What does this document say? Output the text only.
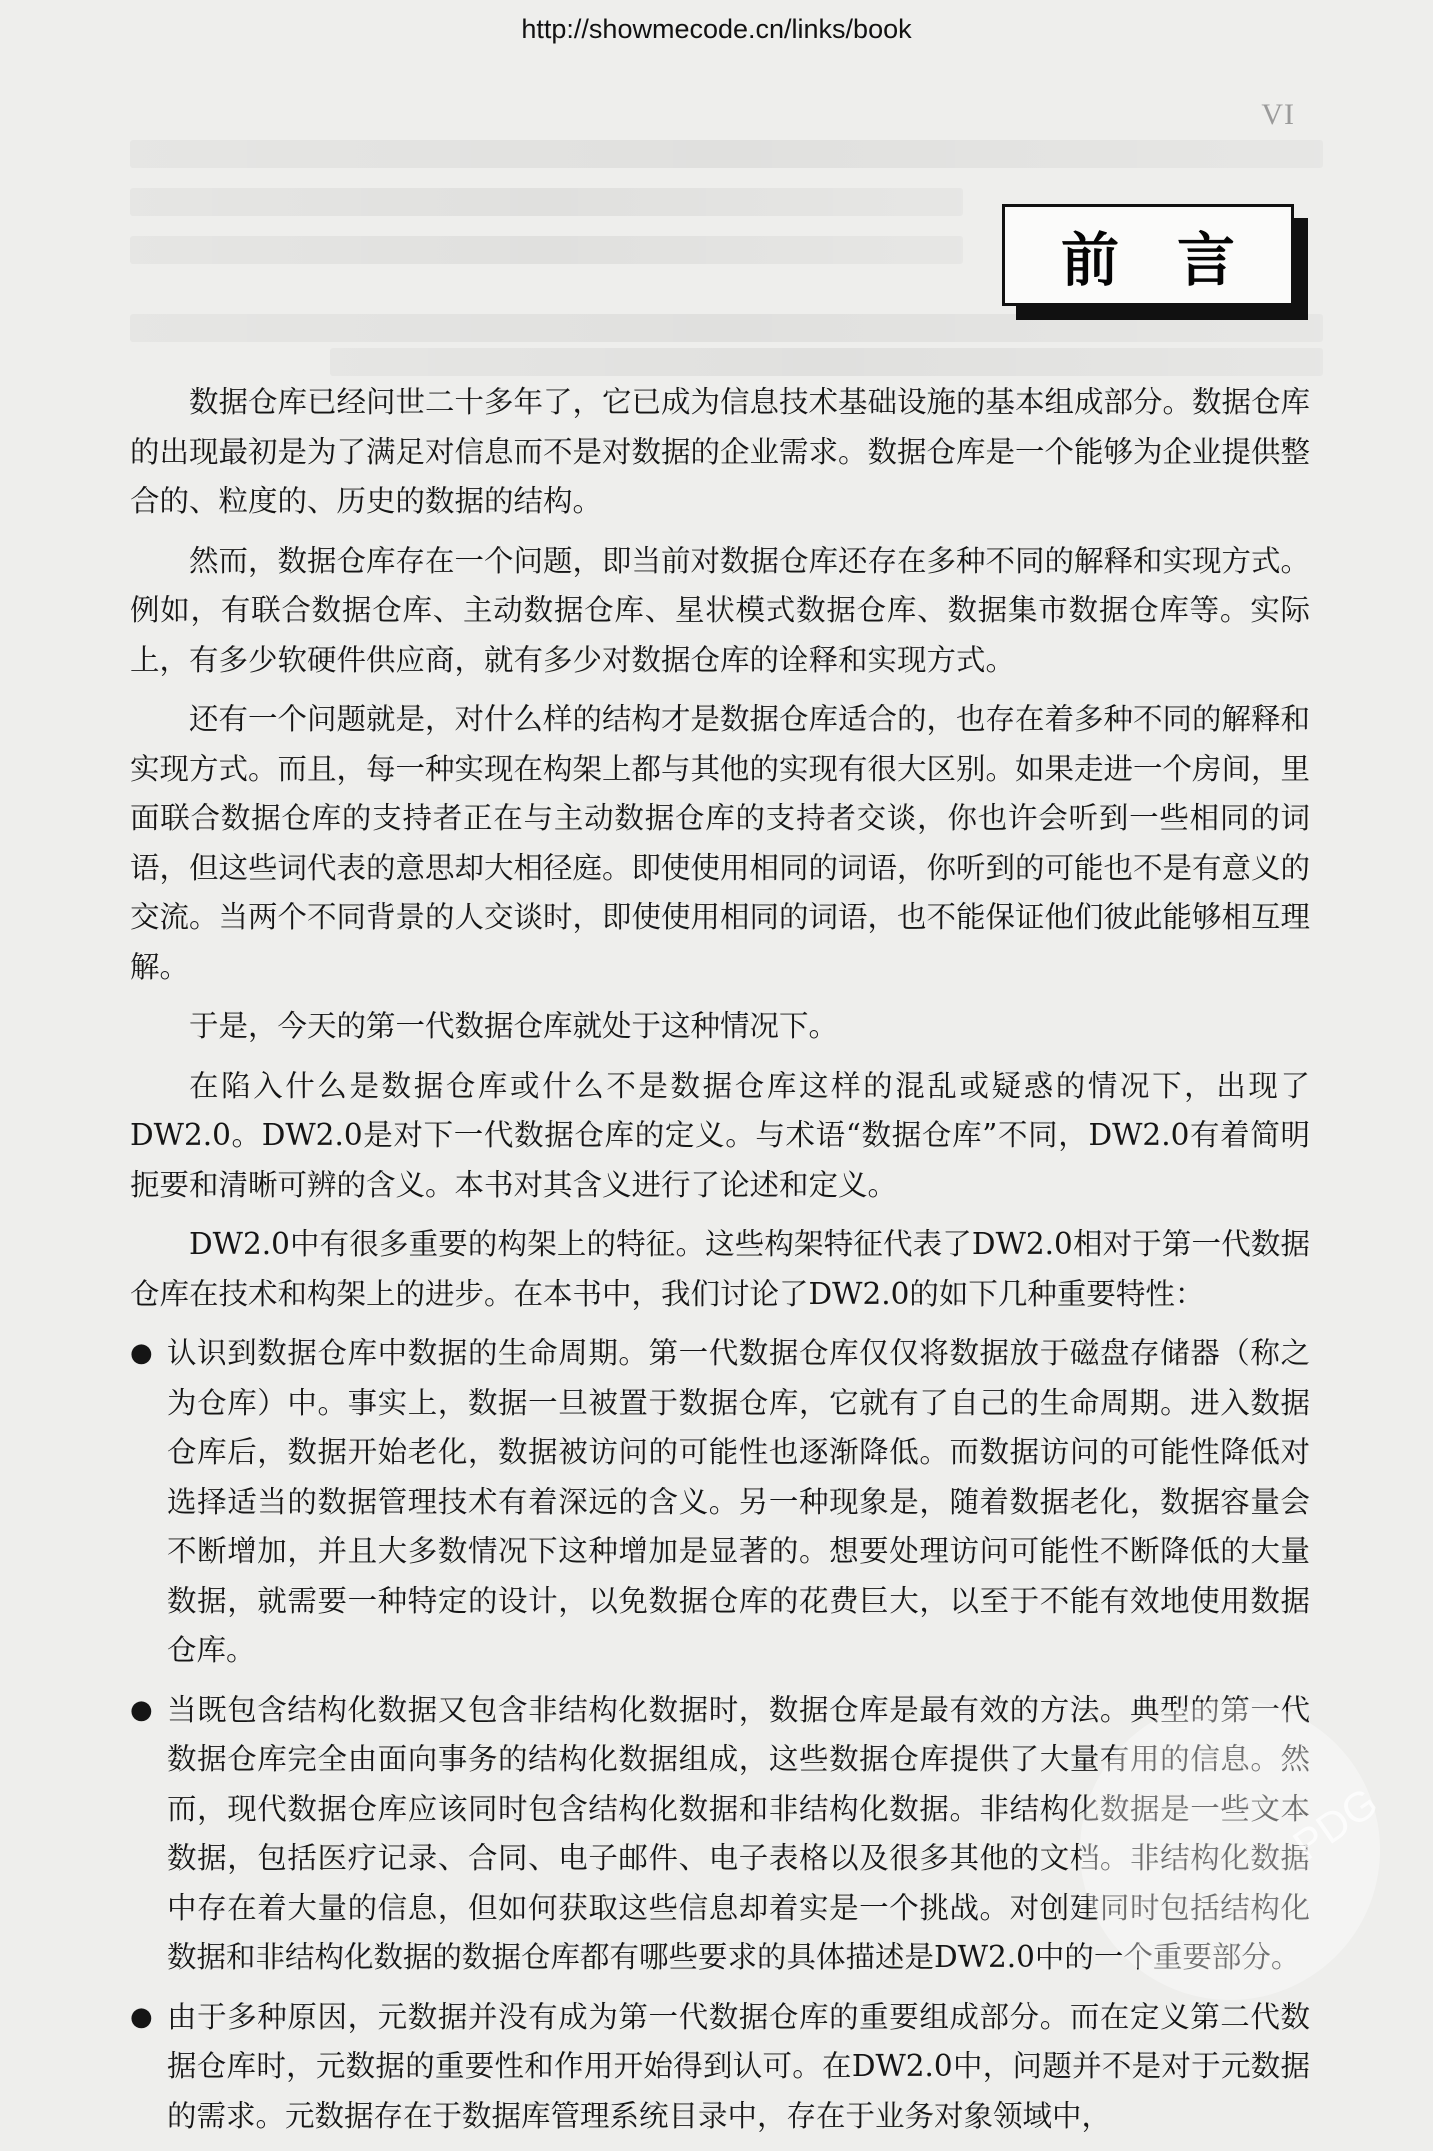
http://showmecode.cn/links/book
VI
前言

数据仓库已经问世二十多年了，它已成为信息技术基础设施的基本组成部分。数据仓库的出现最初是为了满足对信息而不是对数据的企业需求。数据仓库是一个能够为企业提供整合的、粒度的、历史的数据的结构。

然而，数据仓库存在一个问题，即当前对数据仓库还存在多种不同的解释和实现方式。例如，有联合数据仓库、主动数据仓库、星状模式数据仓库、数据集市数据仓库等。实际上，有多少软硬件供应商，就有多少对数据仓库的诠释和实现方式。

还有一个问题就是，对什么样的结构才是数据仓库适合的，也存在着多种不同的解释和实现方式。而且，每一种实现在构架上都与其他的实现有很大区别。如果走进一个房间，里面联合数据仓库的支持者正在与主动数据仓库的支持者交谈，你也许会听到一些相同的词语，但这些词代表的意思却大相径庭。即使使用相同的词语，你听到的可能也不是有意义的交流。当两个不同背景的人交谈时，即使使用相同的词语，也不能保证他们彼此能够相互理解。

于是，今天的第一代数据仓库就处于这种情况下。

在陷入什么是数据仓库或什么不是数据仓库这样的混乱或疑惑的情况下，出现了DW2.0。DW2.0是对下一代数据仓库的定义。与术语“数据仓库”不同，DW2.0有着简明扼要和清晰可辨的含义。本书对其含义进行了论述和定义。

DW2.0中有很多重要的构架上的特征。这些构架特征代表了DW2.0相对于第一代数据仓库在技术和构架上的进步。在本书中，我们讨论了DW2.0的如下几种重要特性：

● 认识到数据仓库中数据的生命周期。第一代数据仓库仅仅将数据放于磁盘存储器（称之为仓库）中。事实上，数据一旦被置于数据仓库，它就有了自己的生命周期。进入数据仓库后，数据开始老化，数据被访问的可能性也逐渐降低。而数据访问的可能性降低对选择适当的数据管理技术有着深远的含义。另一种现象是，随着数据老化，数据容量会不断增加，并且大多数情况下这种增加是显著的。想要处理访问可能性不断降低的大量数据，就需要一种特定的设计，以免数据仓库的花费巨大，以至于不能有效地使用数据仓库。
● 当既包含结构化数据又包含非结构化数据时，数据仓库是最有效的方法。典型的第一代数据仓库完全由面向事务的结构化数据组成，这些数据仓库提供了大量有用的信息。然而，现代数据仓库应该同时包含结构化数据和非结构化数据。非结构化数据是一些文本数据，包括医疗记录、合同、电子邮件、电子表格以及很多其他的文档。非结构化数据中存在着大量的信息，但如何获取这些信息却着实是一个挑战。对创建同时包括结构化数据和非结构化数据的数据仓库都有哪些要求的具体描述是DW2.0中的一个重要部分。
● 由于多种原因，元数据并没有成为第一代数据仓库的重要组成部分。而在定义第二代数据仓库时，元数据的重要性和作用开始得到认可。在DW2.0中，问题并不是对于元数据的需求。元数据存在于数据库管理系统目录中，存在于业务对象领域中，
PDG
